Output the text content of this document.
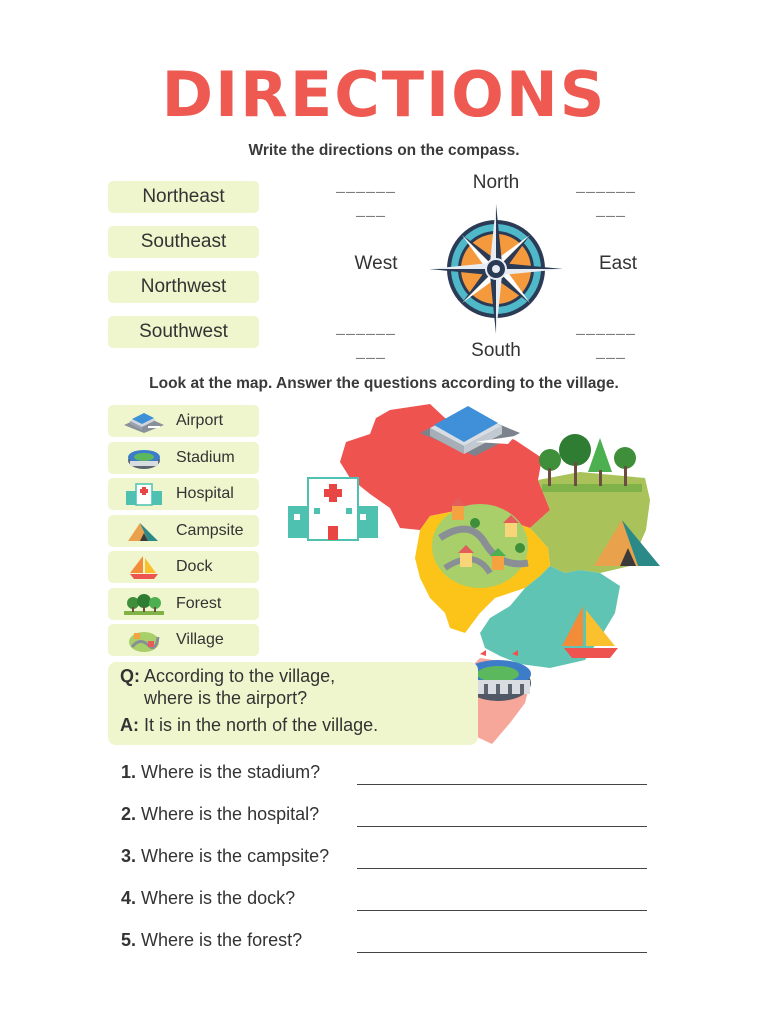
DIRECTIONS
Write the directions on the compass.
Northeast
Southeast
Northwest
Southwest
North
South
West	East
______
___
______
___
______
___
______
___
Look at the map. Answer the questions according to the village.
Airport
Stadium
Hospital
Campsite
Dock
Forest
Village
Q: According to the village,
where is the airport?
A: It is in the north of the village.
1. Where is the stadium?
2. Where is the hospital?
3. Where is the campsite?
4. Where is the dock?
5. Where is the forest?
